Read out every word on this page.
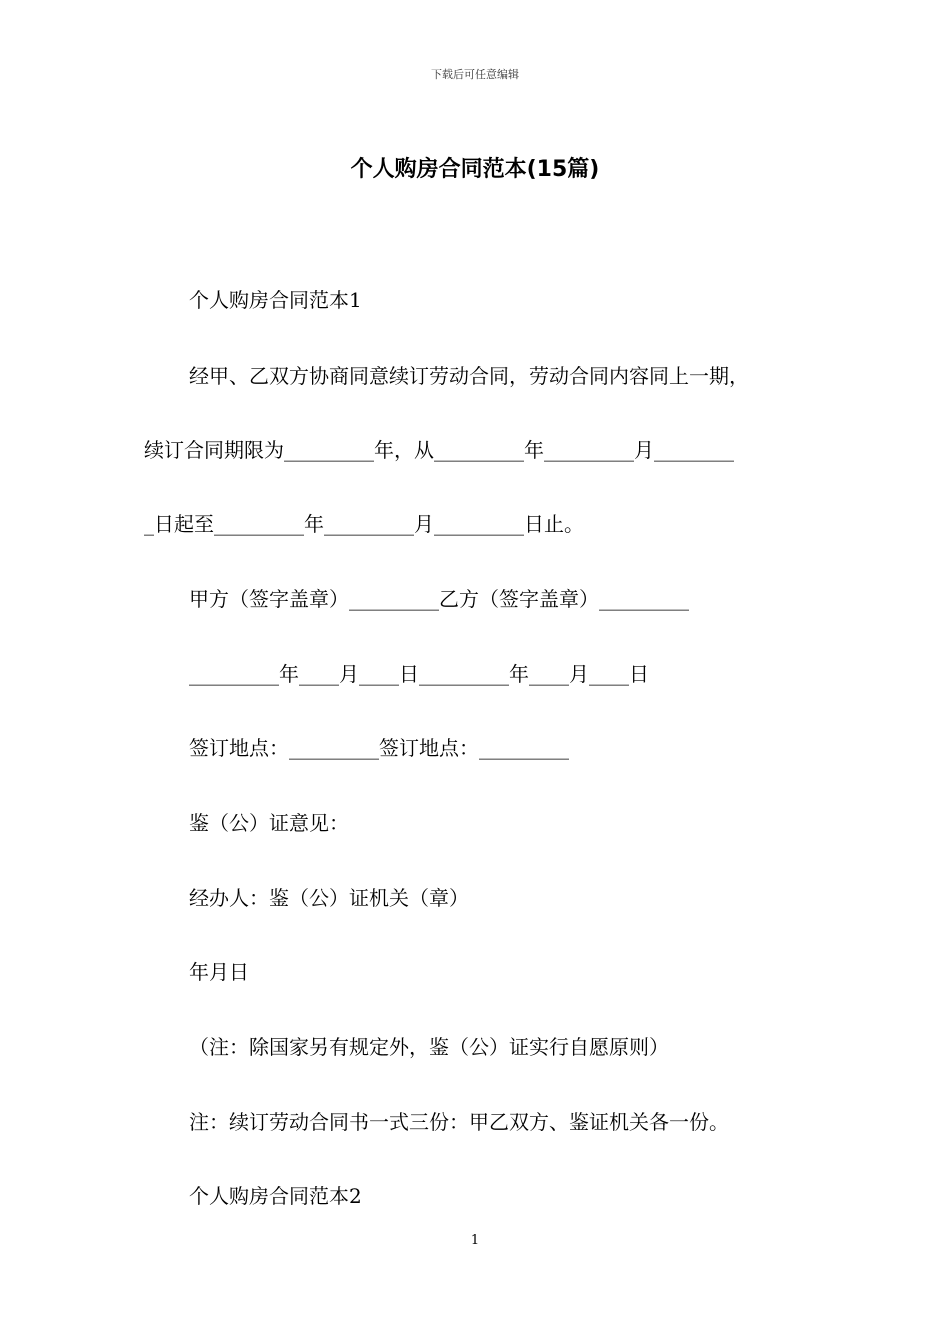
下载后可任意编辑
个人购房合同范本(15篇)
个人购房合同范本1
经甲、乙双方协商同意续订劳动合同，劳动合同内容同上一期，
续订合同期限为_________年，从_________年_________月________
_日起至_________年_________月_________日止。
甲方（签字盖章）_________乙方（签字盖章）_________
_________年____月____日_________年____月____日
签订地点：_________签订地点：_________
鉴（公）证意见：
经办人：鉴（公）证机关（章）
年月日
（注：除国家另有规定外，鉴（公）证实行自愿原则）
注：续订劳动合同书一式三份：甲乙双方、鉴证机关各一份。
个人购房合同范本2
1
